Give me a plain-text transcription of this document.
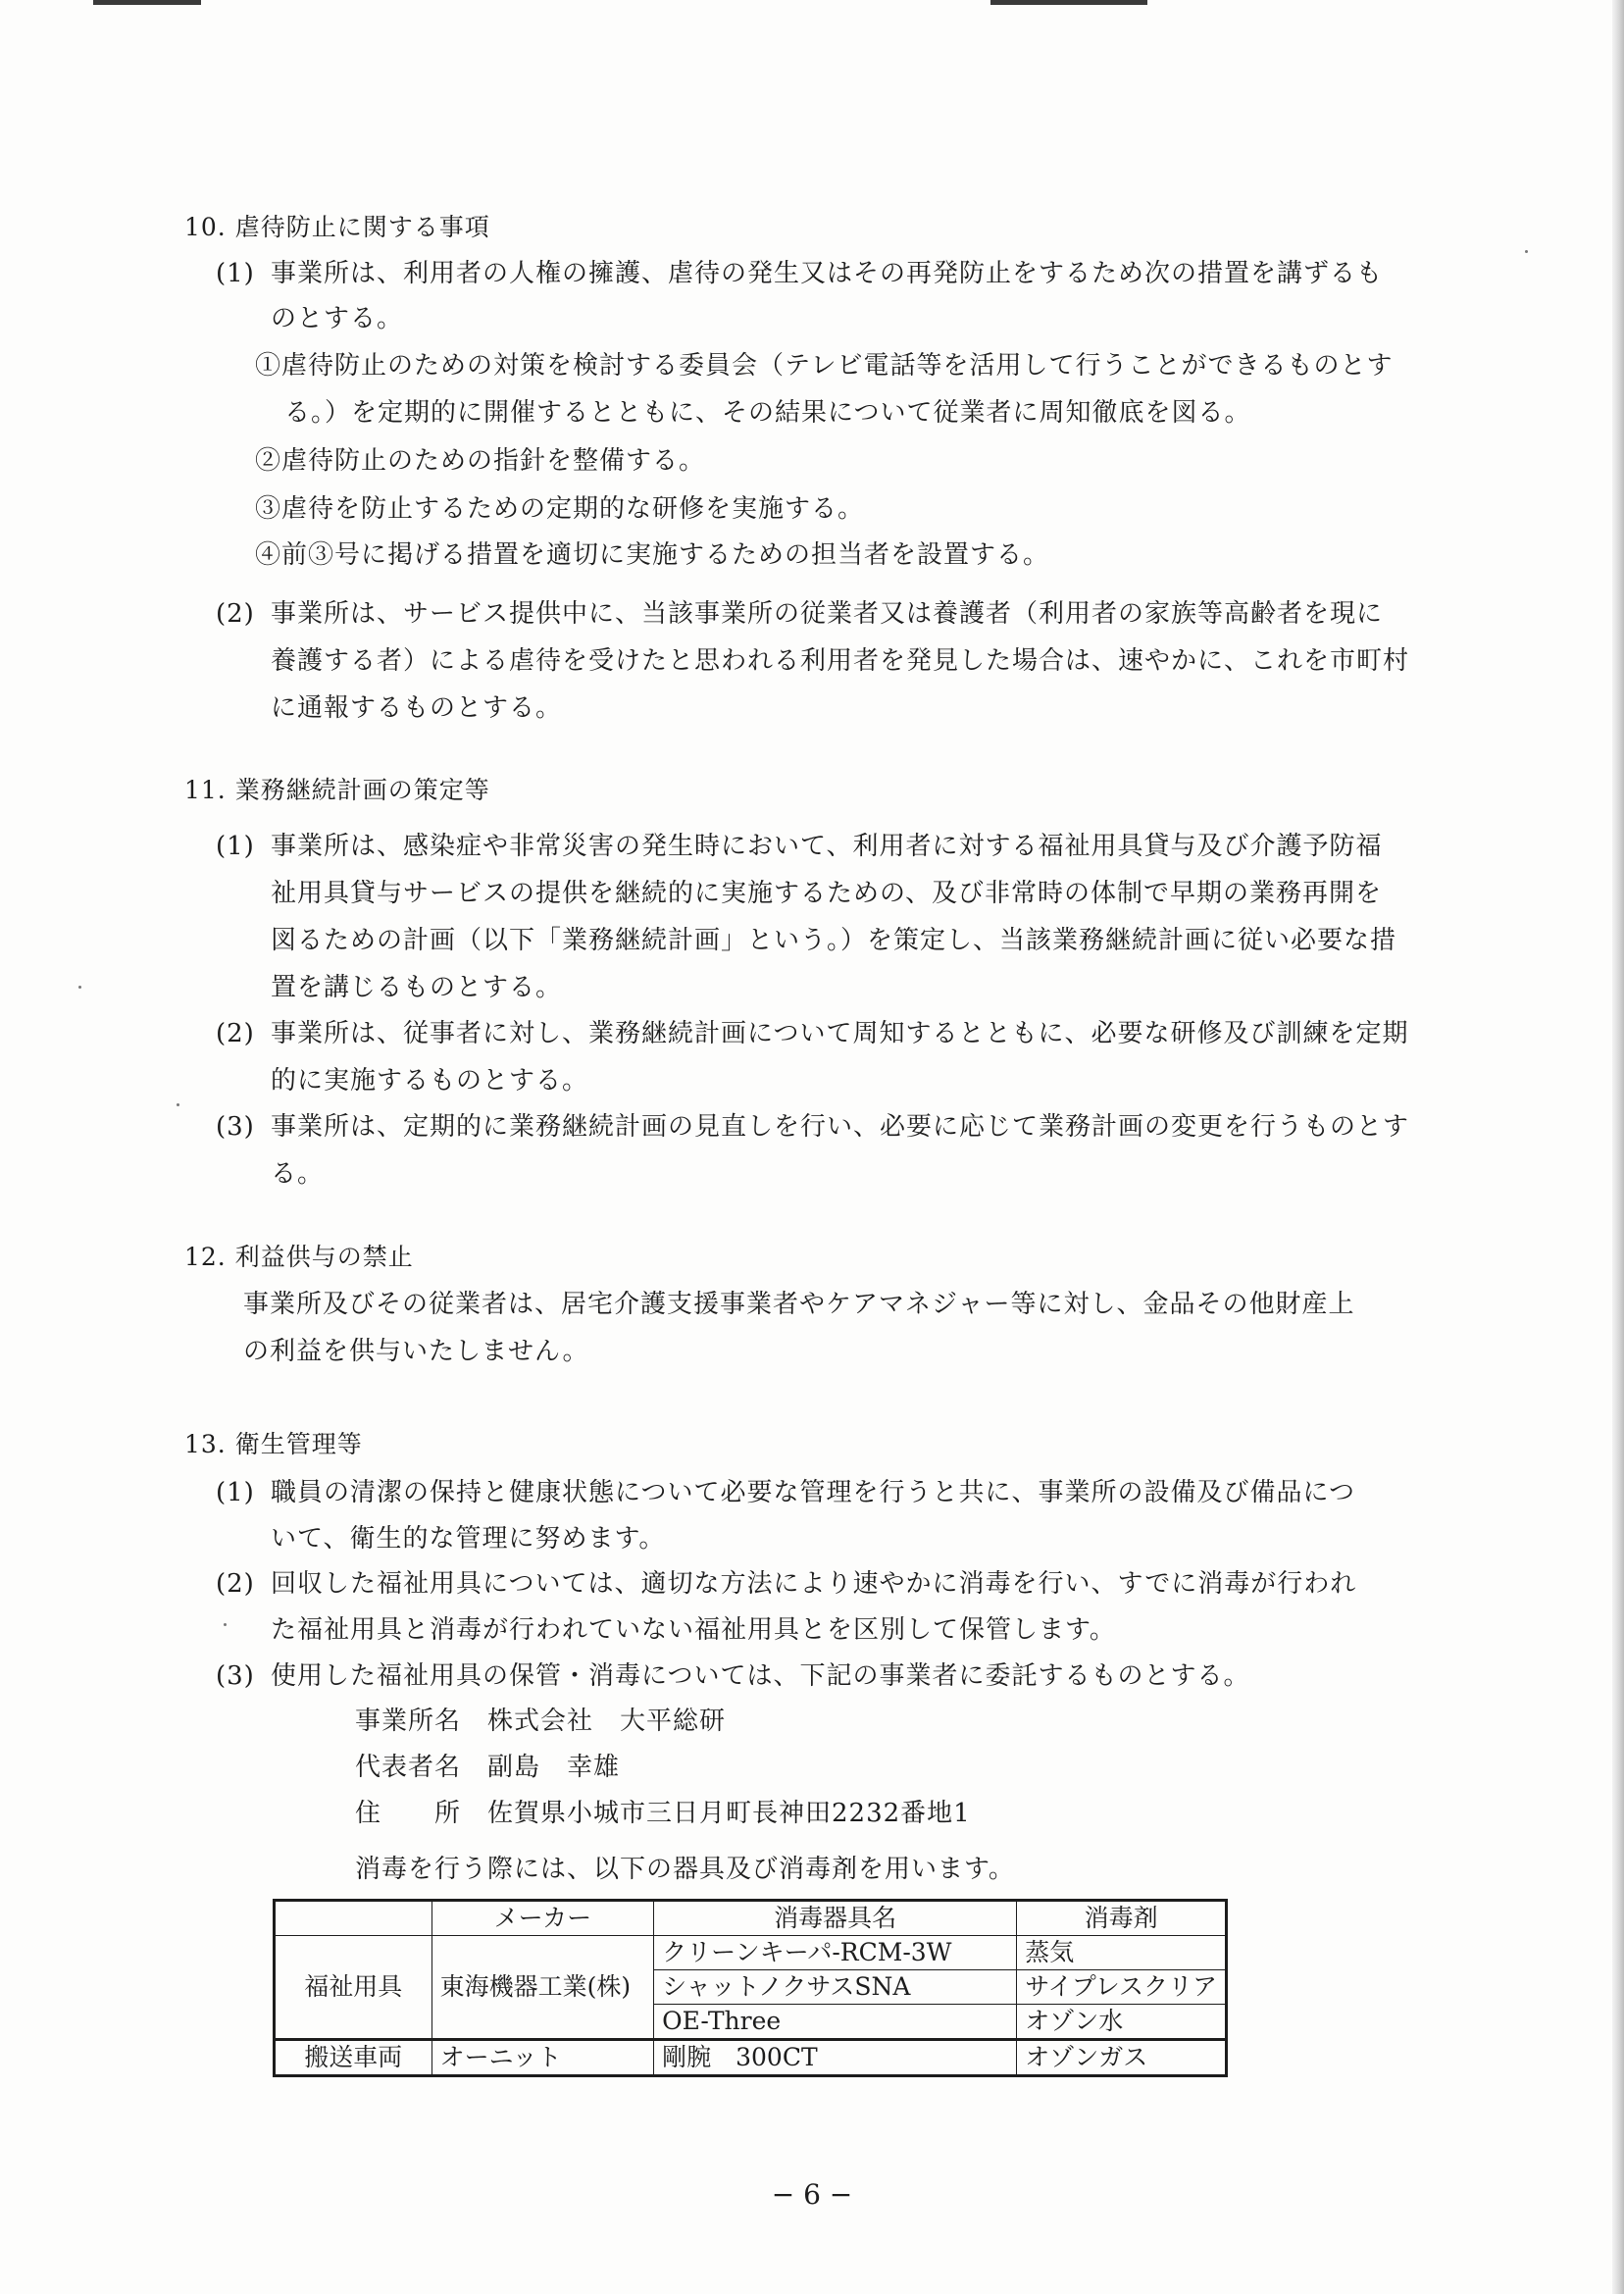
10. 虐待防止に関する事項
(1) 事業所は、利用者の人権の擁護、虐待の発生又はその再発防止をするため次の措置を講ずるも
のとする。
①虐待防止のための対策を検討する委員会（テレビ電話等を活用して行うことができるものとす
る。）を定期的に開催するとともに、その結果について従業者に周知徹底を図る。
②虐待防止のための指針を整備する。
③虐待を防止するための定期的な研修を実施する。
④前③号に掲げる措置を適切に実施するための担当者を設置する。
(2) 事業所は、サービス提供中に、当該事業所の従業者又は養護者（利用者の家族等高齢者を現に
養護する者）による虐待を受けたと思われる利用者を発見した場合は、速やかに、これを市町村
に通報するものとする。
11. 業務継続計画の策定等
(1) 事業所は、感染症や非常災害の発生時において、利用者に対する福祉用具貸与及び介護予防福
祉用具貸与サービスの提供を継続的に実施するための、及び非常時の体制で早期の業務再開を
図るための計画（以下「業務継続計画」という。）を策定し、当該業務継続計画に従い必要な措
置を講じるものとする。
(2) 事業所は、従事者に対し、業務継続計画について周知するとともに、必要な研修及び訓練を定期
的に実施するものとする。
(3) 事業所は、定期的に業務継続計画の見直しを行い、必要に応じて業務計画の変更を行うものとす
る。
12. 利益供与の禁止
事業所及びその従業者は、居宅介護支援事業者やケアマネジャー等に対し、金品その他財産上
の利益を供与いたしません。
13. 衛生管理等
(1) 職員の清潔の保持と健康状態について必要な管理を行うと共に、事業所の設備及び備品につ
いて、衛生的な管理に努めます。
(2) 回収した福祉用具については、適切な方法により速やかに消毒を行い、すでに消毒が行われ
た福祉用具と消毒が行われていない福祉用具とを区別して保管します。
(3) 使用した福祉用具の保管・消毒については、下記の事業者に委託するものとする。
事業所名　株式会社　大平総研
代表者名　副島　幸雄
住　　所　佐賀県小城市三日月町長神田2232番地1
消毒を行う際には、以下の器具及び消毒剤を用います。
	メーカー	消毒器具名	消毒剤
福祉用具	東海機器工業(株)	クリーンキーパ-RCM-3W	蒸気
		シャットノクサスSNA	サイプレスクリア
		OE-Three	オゾン水
搬送車両	オーニット	剛腕　300CT	オゾンガス
− 6 −
